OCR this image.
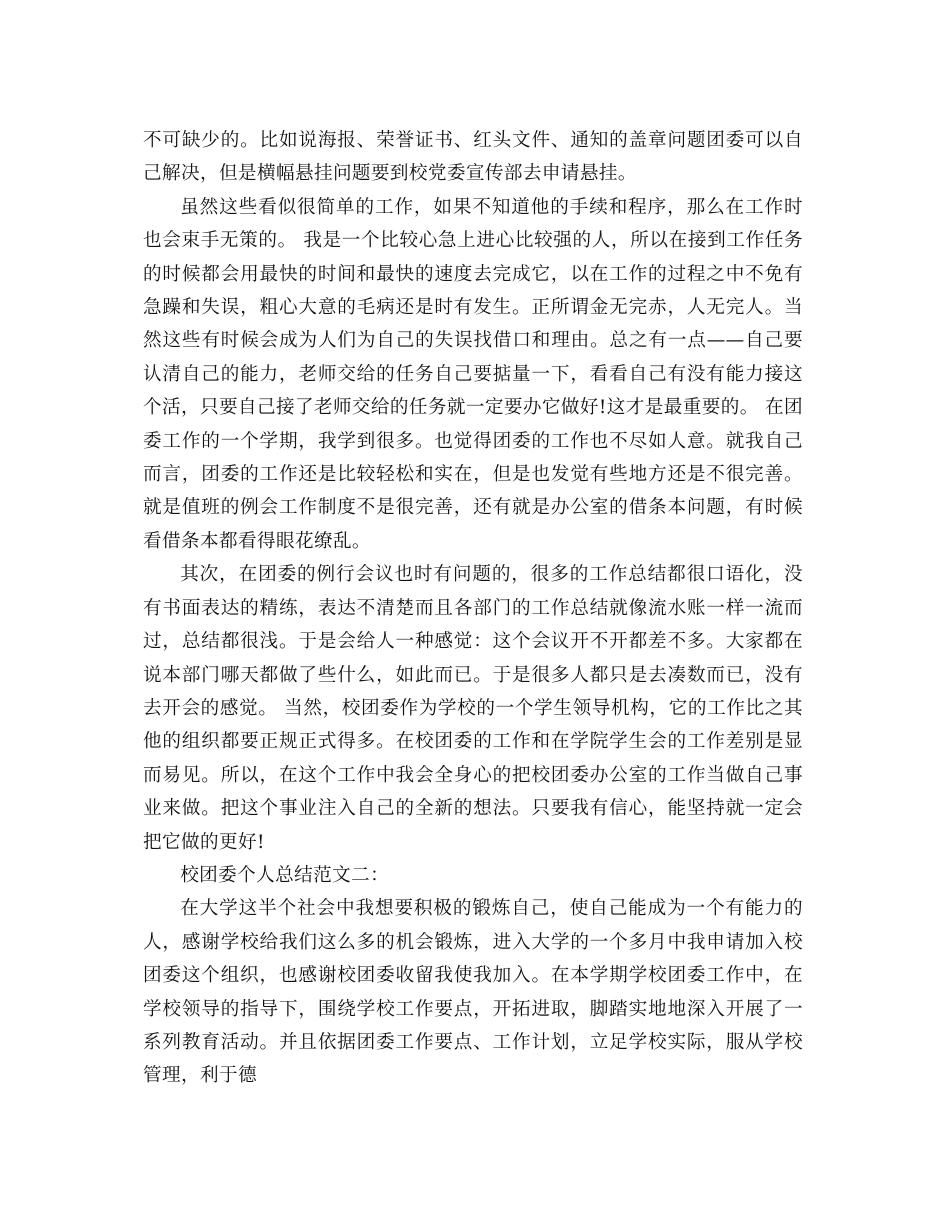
不可缺少的。比如说海报、荣誉证书、红头文件、通知的盖章问题团委可以自己解决，但是横幅悬挂问题要到校党委宣传部去申请悬挂。

虽然这些看似很简单的工作，如果不知道他的手续和程序，那么在工作时也会束手无策的。 我是一个比较心急上进心比较强的人，所以在接到工作任务的时候都会用最快的时间和最快的速度去完成它，以在工作的过程之中不免有急躁和失误，粗心大意的毛病还是时有发生。正所谓金无完赤，人无完人。当然这些有时候会成为人们为自己的失误找借口和理由。总之有一点——自己要认清自己的能力，老师交给的任务自己要掂量一下，看看自己有没有能力接这个活，只要自己接了老师交给的任务就一定要办它做好!这才是最重要的。 在团委工作的一个学期，我学到很多。也觉得团委的工作也不尽如人意。就我自己而言，团委的工作还是比较轻松和实在，但是也发觉有些地方还是不很完善。 就是值班的例会工作制度不是很完善，还有就是办公室的借条本问题，有时候看借条本都看得眼花缭乱。

其次，在团委的例行会议也时有问题的，很多的工作总结都很口语化，没有书面表达的精练，表达不清楚而且各部门的工作总结就像流水账一样一流而过，总结都很浅。于是会给人一种感觉：这个会议开不开都差不多。大家都在说本部门哪天都做了些什么，如此而已。于是很多人都只是去凑数而已，没有去开会的感觉。 当然，校团委作为学校的一个学生领导机构，它的工作比之其他的组织都要正规正式得多。在校团委的工作和在学院学生会的工作差别是显而易见。所以，在这个工作中我会全身心的把校团委办公室的工作当做自己事业来做。把这个事业注入自己的全新的想法。只要我有信心，能坚持就一定会把它做的更好!

校团委个人总结范文二：

在大学这半个社会中我想要积极的锻炼自己，使自己能成为一个有能力的人，感谢学校给我们这么多的机会锻炼，进入大学的一个多月中我申请加入校团委这个组织，也感谢校团委收留我使我加入。在本学期学校团委工作中，在学校领导的指导下，围绕学校工作要点，开拓进取，脚踏实地地深入开展了一系列教育活动。并且依据团委工作要点、工作计划，立足学校实际，服从学校管理，利于德
